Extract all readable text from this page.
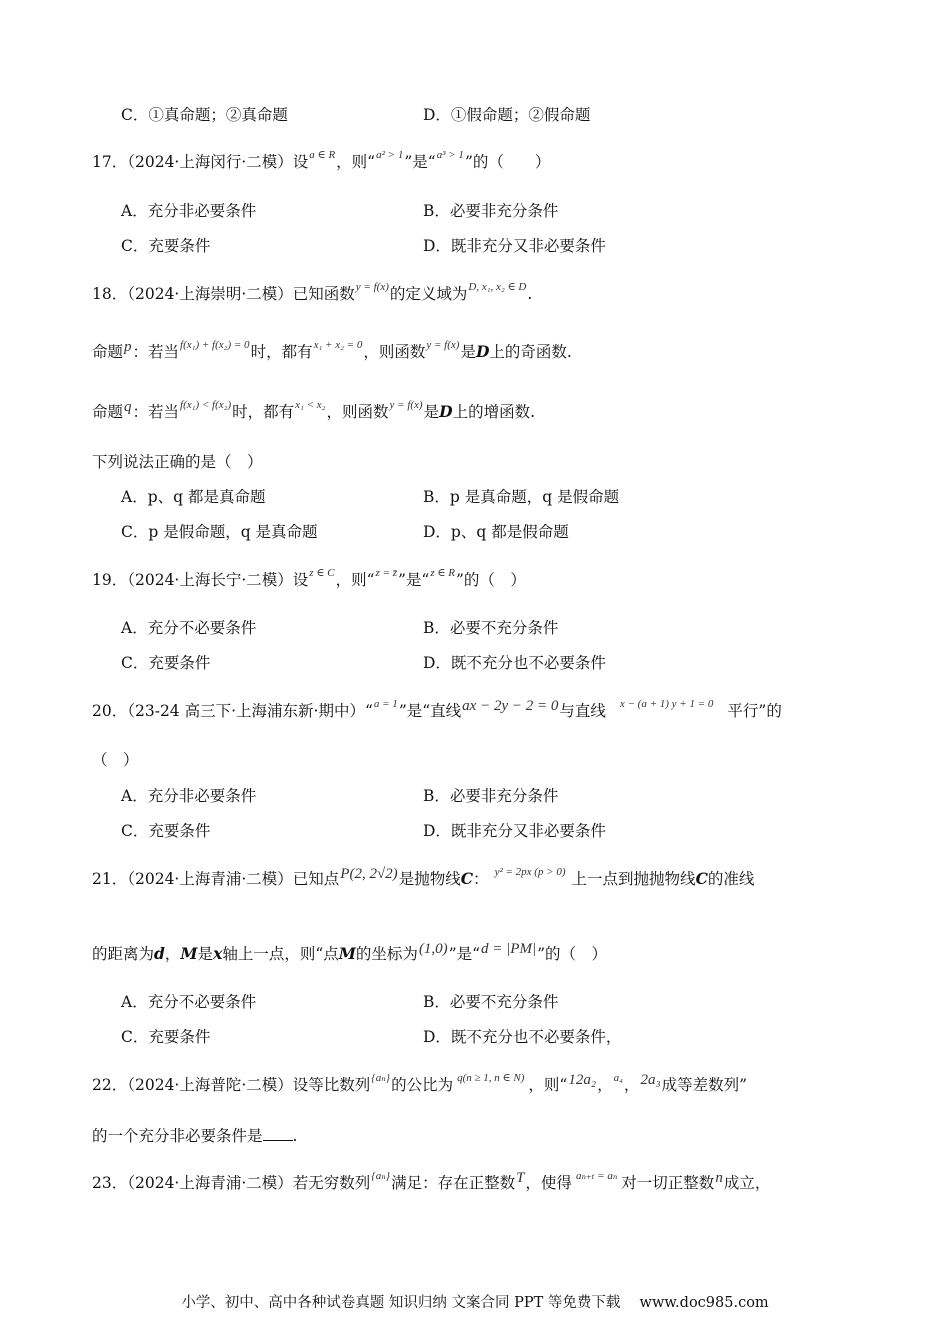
C．①真命题；②真命题	D．①假命题；②假命题
17．（2024·上海闵行·二模）设$^{a \in R}$，则“$^{a^2 > 1}$”是“$^{a^3 > 1}$”的（　　）
A．充分非必要条件	B．必要非充分条件
C．充要条件	D．既非充分又非必要条件
18．（2024·上海崇明·二模）已知函数$^{y = f(x)}$的定义域为$^{D, x_1, x_2 \in D}$.
命题p：若当$^{f(x_1) + f(x_2) = 0}$时，都有$^{x_1 + x_2 = 0}$，则函数$^{y = f(x)}$是D上的奇函数.
命题q：若当$^{f(x_1) < f(x_2)}$时，都有$^{x_1 < x_2}$，则函数$^{y = f(x)}$是D上的增函数.
下列说法正确的是（　）
A．p、q 都是真命题	B．p 是真命题，q 是假命题
C．p 是假命题，q 是真命题	D．p、q 都是假命题
19．（2024·上海长宁·二模）设$^{z \in C}$，则“$^{z = z̄}$”是“$^{z \in R}$”的（　）
A．充分不必要条件	B．必要不充分条件
C．充要条件	D．既不充分也不必要条件
20．（23-24 高三下·上海浦东新·期中）“$^{a = 1}$”是“直线ax − 2y − 2 = 0与直线 $^{x - (a + 1) y + 1 = 0}$ 平行”的
（　）
A．充分非必要条件	B．必要非充分条件
C．充要条件	D．既非充分又非必要条件
21．（2024·上海青浦·二模）已知点P(2, 2√2)是抛物线C： $^{y^2 = 2px (p > 0)}$ 上一点到抛抛物线C的准线
的距离为d，M是x轴上一点，则“点M的坐标为(1,0)”是“d = |PM|”的（　）
A．充分不必要条件	B．必要不充分条件
C．充要条件	D．既不充分也不必要条件，
22．（2024·上海普陀·二模）设等比数列$^{\{a_n\}}$的公比为 $^{q(n \ge 1, n \in N)}$ ，则“12a₂，$^{a_4}$，2a₃成等差数列”
的一个充分非必要条件是 .
23．（2024·上海青浦·二模）若无穷数列$^{\{a_n\}}$满足：存在正整数T，使得 $^{a_{n+t} = a_n}$ 对一切正整数n成立，
小学、初中、高中各种试卷真题 知识归纳 文案合同 PPT 等免费下载　 www.doc985.com
